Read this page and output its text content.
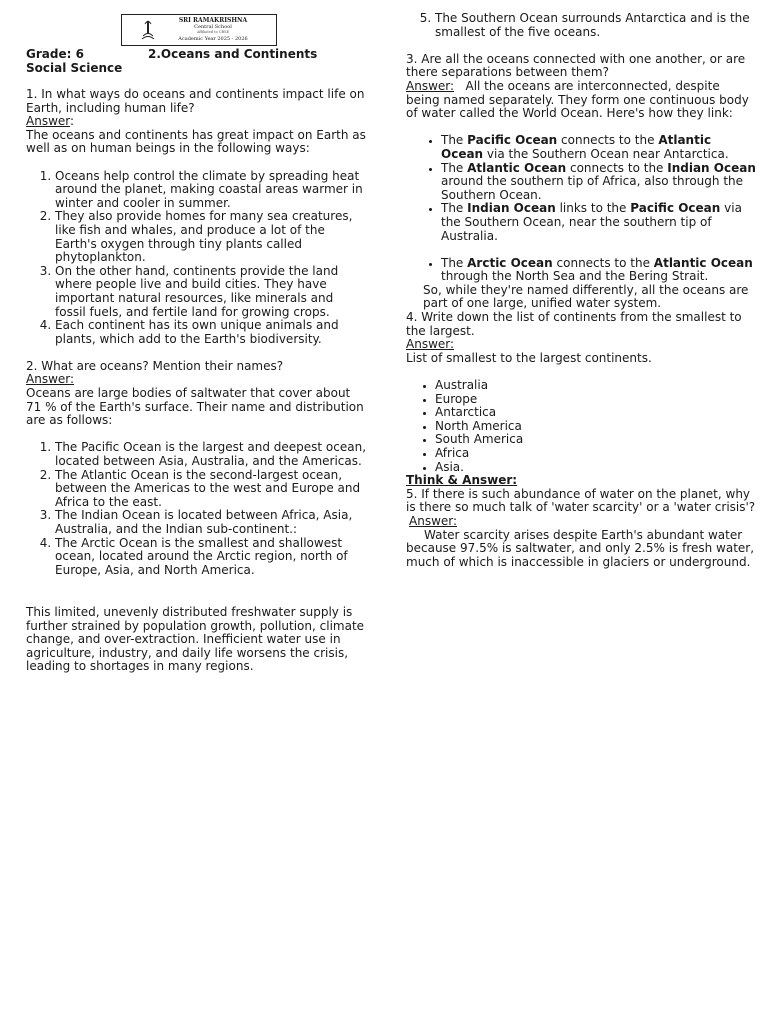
SRI RAMAKRISHNA
Central School
Affiliated to CBSE
Academic Year 2025 - 2026
Grade: 6
Social Science
2.Oceans and Continents

1. In what ways do oceans and continents impact life on Earth, including human life?

Answer:

The oceans and continents has great impact on Earth as well as on human beings in the following ways:

1. Oceans help control the climate by spreading heat around the planet, making coastal areas warmer in winter and cooler in summer.
2. They also provide homes for many sea creatures, like fish and whales, and produce a lot of the Earth's oxygen through tiny plants called phytoplankton.
3. On the other hand, continents provide the land where people live and build cities. They have important natural resources, like minerals and fossil fuels, and fertile land for growing crops.
4. Each continent has its own unique animals and plants, which add to the Earth's biodiversity.

2. What are oceans? Mention their names?

Answer:

Oceans are large bodies of saltwater that cover about 71 % of the Earth's surface. Their name and distribution are as follows:

1. The Pacific Ocean is the largest and deepest ocean, located between Asia, Australia, and the Americas.
2. The Atlantic Ocean is the second-largest ocean, between the Americas to the west and Europe and Africa to the east.
3. The Indian Ocean is located between Africa, Asia, Australia, and the Indian sub-continent.:
4. The Arctic Ocean is the smallest and shallowest ocean, located around the Arctic region, north of Europe, Asia, and North America.

This limited, unevenly distributed freshwater supply is further strained by population growth, pollution, climate change, and over-extraction. Inefficient water use in agriculture, industry, and daily life worsens the crisis, leading to shortages in many regions.

5. The Southern Ocean surrounds Antarctica and is the smallest of the five oceans.

3. Are all the oceans connected with one another, or are there separations between them?

Answer: All the oceans are interconnected, despite being named separately. They form one continuous body of water called the World Ocean. Here's how they link:

• The Pacific Ocean connects to the Atlantic Ocean via the Southern Ocean near Antarctica.
• The Atlantic Ocean connects to the Indian Ocean around the southern tip of Africa, also through the Southern Ocean.
• The Indian Ocean links to the Pacific Ocean via the Southern Ocean, near the southern tip of Australia.
• The Arctic Ocean connects to the Atlantic Ocean through the North Sea and the Bering Strait.

So, while they're named differently, all the oceans are part of one large, unified water system.

4. Write down the list of continents from the smallest to the largest.

Answer:

List of smallest to the largest continents.

• Australia
• Europe
• Antarctica
• North America
• South America
• Africa
• Asia.

Think & Answer:

5. If there is such abundance of water on the planet, why is there so much talk of 'water scarcity' or a 'water crisis'?

Answer:

Water scarcity arises despite Earth's abundant water because 97.5% is saltwater, and only 2.5% is fresh water, much of which is inaccessible in glaciers or underground.
